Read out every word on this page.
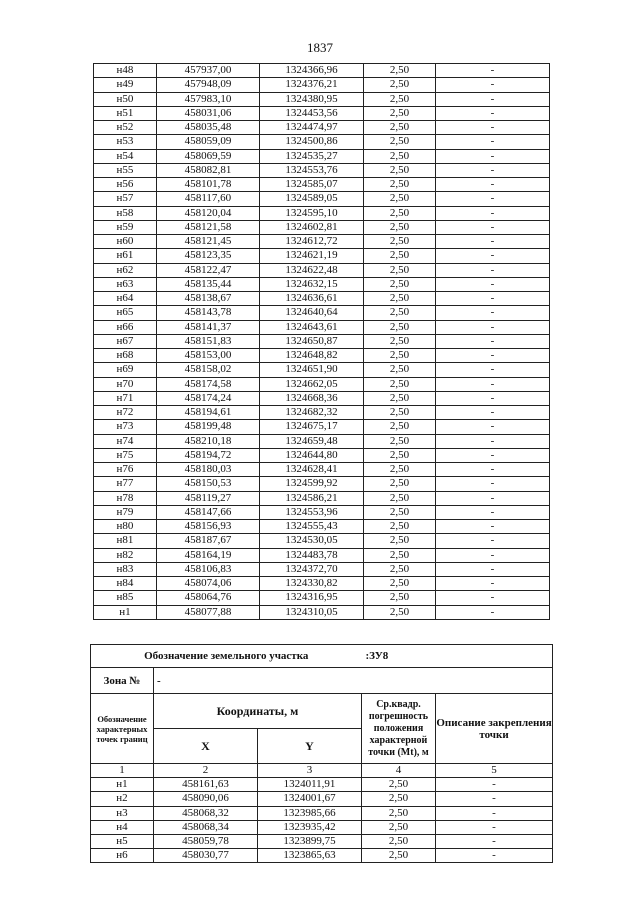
1837
н48	457937,00	1324366,96	2,50	-
н49	457948,09	1324376,21	2,50	-
н50	457983,10	1324380,95	2,50	-
н51	458031,06	1324453,56	2,50	-
н52	458035,48	1324474,97	2,50	-
н53	458059,09	1324500,86	2,50	-
н54	458069,59	1324535,27	2,50	-
н55	458082,81	1324553,76	2,50	-
н56	458101,78	1324585,07	2,50	-
н57	458117,60	1324589,05	2,50	-
н58	458120,04	1324595,10	2,50	-
н59	458121,58	1324602,81	2,50	-
н60	458121,45	1324612,72	2,50	-
н61	458123,35	1324621,19	2,50	-
н62	458122,47	1324622,48	2,50	-
н63	458135,44	1324632,15	2,50	-
н64	458138,67	1324636,61	2,50	-
н65	458143,78	1324640,64	2,50	-
н66	458141,37	1324643,61	2,50	-
н67	458151,83	1324650,87	2,50	-
н68	458153,00	1324648,82	2,50	-
н69	458158,02	1324651,90	2,50	-
н70	458174,58	1324662,05	2,50	-
н71	458174,24	1324668,36	2,50	-
н72	458194,61	1324682,32	2,50	-
н73	458199,48	1324675,17	2,50	-
н74	458210,18	1324659,48	2,50	-
н75	458194,72	1324644,80	2,50	-
н76	458180,03	1324628,41	2,50	-
н77	458150,53	1324599,92	2,50	-
н78	458119,27	1324586,21	2,50	-
н79	458147,66	1324553,96	2,50	-
н80	458156,93	1324555,43	2,50	-
н81	458187,67	1324530,05	2,50	-
н82	458164,19	1324483,78	2,50	-
н83	458106,83	1324372,70	2,50	-
н84	458074,06	1324330,82	2,50	-
н85	458064,76	1324316,95	2,50	-
н1	458077,88	1324310,05	2,50	-
Обозначение земельного участка			:ЗУ8	
Зона №	-			
Обозначение характерных точек границ	Координаты, м		Ср.квадр. погрешность положения характерной точки (Mt), м	Описание закрепления точки
	X	Y		
1	2	3	4	5
н1	458161,63	1324011,91	2,50	-
н2	458090,06	1324001,67	2,50	-
н3	458068,32	1323985,66	2,50	-
н4	458068,34	1323935,42	2,50	-
н5	458059,78	1323899,75	2,50	-
н6	458030,77	1323865,63	2,50	-
